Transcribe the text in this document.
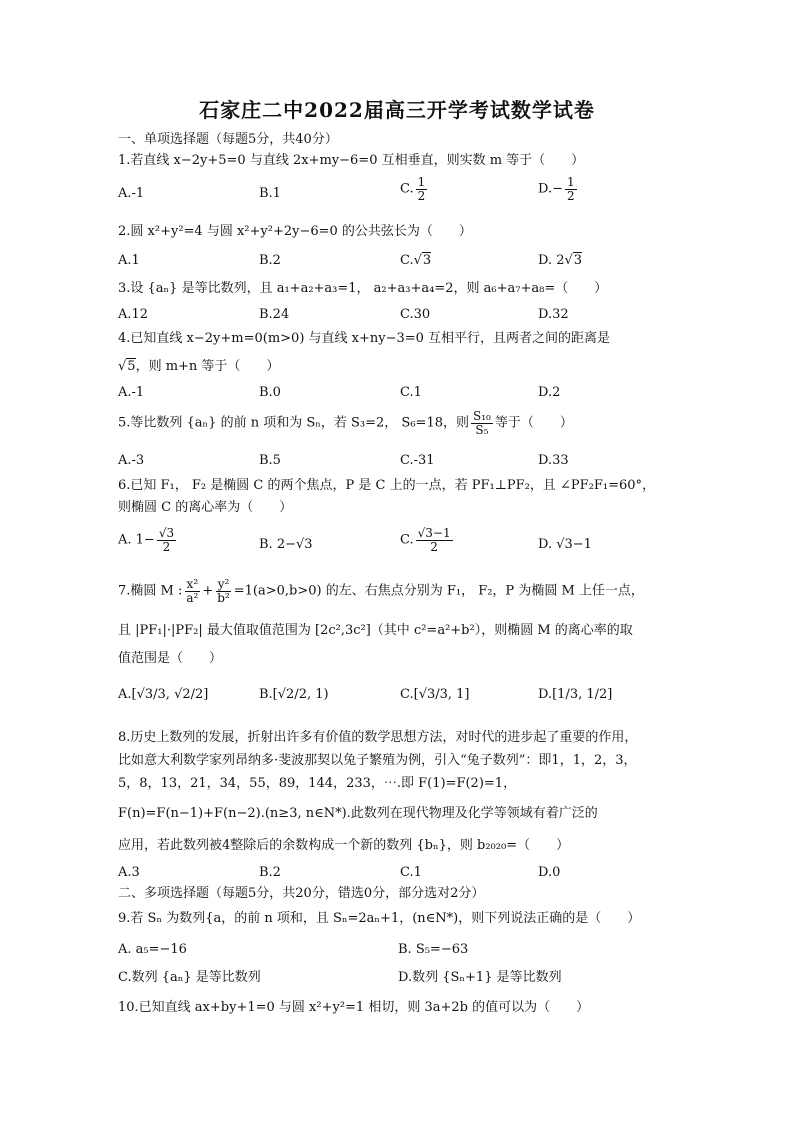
石家庄二中2022届高三开学考试数学试卷
一、单项选择题（每题5分，共40分）
1.若直线 x−2y+5=0 与直线 2x+my−6=0 互相垂直，则实数 m 等于（　　）
A.-1	B.1	C. $\frac{1}{2}$	$D.- \frac{1}{2}$
2.圆 x²+y²=4 与圆 x²+y²+2y−6=0 的公共弦长为（　　）
A.1	B.2	C.√3	D. 2√3
3.设 {aₙ} 是等比数列，且 a₁+a₂+a₃=1， a₂+a₃+a₄=2，则 a₆+a₇+a₈=（　　）
A.12	B.24	C.30	D.32
4.已知直线 x−2y+m=0(m>0) 与直线 x+ny−3=0 互相平行，且两者之间的距离是
√5，则 m+n 等于（　　）
A.-1	B.0	C.1	D.2
5.等比数列 {aₙ} 的前 n 项和为 Sₙ，若 S₃=2， S₆=18，则 $\frac{\text{S₁₀}}{\text{S₅}}$ 等于（　　）
A.-3	B.5	C.-31	D.33
6.已知 F₁， F₂ 是椭圆 C 的两个焦点，P 是 C 上的一点，若 PF₁⊥PF₂，且 ∠PF₂F₁=60°，
则椭圆 C 的离心率为（　　）
A. $1- \frac{√3}{2}$	B. 2−√3	C. $\frac{√3-1}{2}$	D. √3−1
7.椭圆 M : $\frac{\text{x²}}{\text{a²}} + \frac{\text{y²}}{\text{b²}} =1(a>0,b>0)$ 的左、右焦点分别为 F₁， F₂，P 为椭圆 M 上任一点，
且 |PF₁|·|PF₂| 最大值取值范围为 [2c²,3c²]（其中 c²=a²+b²），则椭圆 M 的离心率的取
值范围是（　　）
A.[√3/3, √2/2]	B.[√2/2, 1)	C.[√3/3, 1]	D.[1/3, 1/2]
8.历史上数列的发展，折射出许多有价值的数学思想方法，对时代的进步起了重要的作用，
比如意大利数学家列昂纳多·斐波那契以兔子繁殖为例，引入“兔子数列”：即1，1，2，3，
5，8，13，21，34，55，89，144，233，⋯.即 F(1)=F(2)=1，
F(n)=F(n−1)+F(n−2).(n≥3, n∈N*).此数列在现代物理及化学等领域有着广泛的
应用，若此数列被4整除后的余数构成一个新的数列 {bₙ}，则 b₂₀₂₀=（　　）
A.3	B.2	C.1	D.0
二、多项选择题（每题5分，共20分，错选0分，部分选对2分）
9.若 Sₙ 为数列{a，的前 n 项和，且 Sₙ=2aₙ+1，(n∈N*)，则下列说法正确的是（　　）
A. a₅=−16	B. S₅=−63
C.数列 {aₙ} 是等比数列	D.数列 {Sₙ+1} 是等比数列
10.已知直线 ax+by+1=0 与圆 x²+y²=1 相切，则 3a+2b 的值可以为（　　）
